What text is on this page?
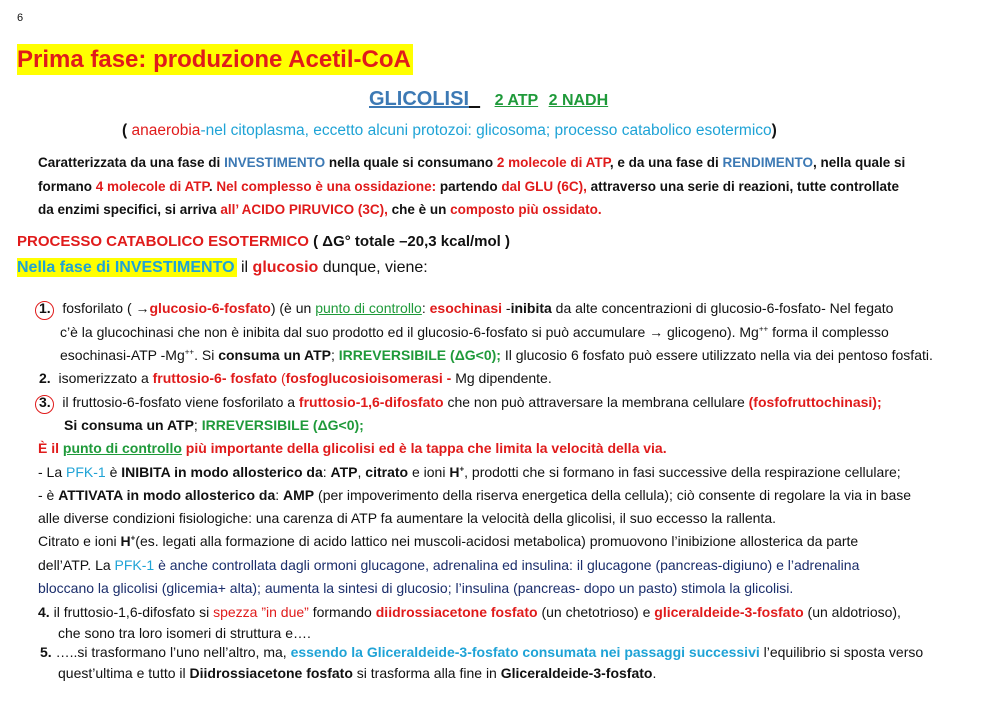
6
Prima fase: produzione Acetil-CoA
GLICOLISI 2 ATP 2 NADH
( anaerobia-nel citoplasma, eccetto alcuni protozoi: glicosoma; processo catabolico esotermico)
Caratterizzata da una fase di INVESTIMENTO nella quale si consumano 2 molecole di ATP, e da una fase di RENDIMENTO, nella quale si
formano 4 molecole di ATP. Nel complesso è una ossidazione: partendo dal GLU (6C), attraverso una serie di reazioni, tutte controllate
da enzimi specifici, si arriva all’ ACIDO PIRUVICO (3C), che è un composto più ossidato.
PROCESSO CATABOLICO ESOTERMICO ( ΔG° totale –20,3 kcal/mol )
Nella fase di INVESTIMENTO il glucosio dunque, viene:
1.   fosforilato ( →glucosio-6-fosfato) (è un punto di controllo: esochinasi -inibita da alte concentrazioni di glucosio-6-fosfato- Nel fegato
c’è la glucochinasi che non è inibita dal suo prodotto ed il glucosio-6-fosfato si può accumulare → glicogeno). Mg++ forma il complesso
esochinasi-ATP -Mg++. Si consuma un ATP; IRREVERSIBILE (ΔG<0); Il glucosio 6 fosfato può essere utilizzato nella via dei pentoso fosfati.
2. isomerizzato a fruttosio-6- fosfato (fosfoglucosioisomerasi - Mg dipendente.
3. il fruttosio-6-fosfato viene fosforilato a fruttosio-1,6-difosfato che non può attraversare la membrana cellulare (fosfofruttochinasi);
Si consuma un ATP; IRREVERSIBILE (ΔG<0);
È il punto di controllo più importante della glicolisi ed è la tappa che limita la velocità della via.
- La PFK-1 è INIBITA in modo allosterico da: ATP, citrato e ioni H+, prodotti che si formano in fasi successive della respirazione cellulare;
- è ATTIVATA in modo allosterico da: AMP (per impoverimento della riserva energetica della cellula); ciò consente di regolare la via in base
alle diverse condizioni fisiologiche: una carenza di ATP fa aumentare la velocità della glicolisi, il suo eccesso la rallenta.
Citrato e ioni H+(es. legati alla formazione di acido lattico nei muscoli-acidosi metabolica) promuovono l’inibizione allosterica da parte
dell’ATP. La PFK-1 è anche controllata dagli ormoni glucagone, adrenalina ed insulina: il glucagone (pancreas-digiuno) e l’adrenalina
bloccano la glicolisi (glicemia+ alta); aumenta la sintesi di glucosio; l’insulina (pancreas- dopo un pasto) stimola la glicolisi.
4. il fruttosio-1,6-difosfato si spezza ”in due” formando diidrossiacetone fosfato (un chetotrioso) e gliceraldeide-3-fosfato (un aldotrioso),
che sono tra loro isomeri di struttura e….
5. …..si trasformano l’uno nell’altro, ma, essendo la Gliceraldeide-3-fosfato consumata nei passaggi successivi l’equilibrio si sposta verso
quest’ultima e tutto il Diidrossiacetone fosfato si trasforma alla fine in Gliceraldeide-3-fosfato.
